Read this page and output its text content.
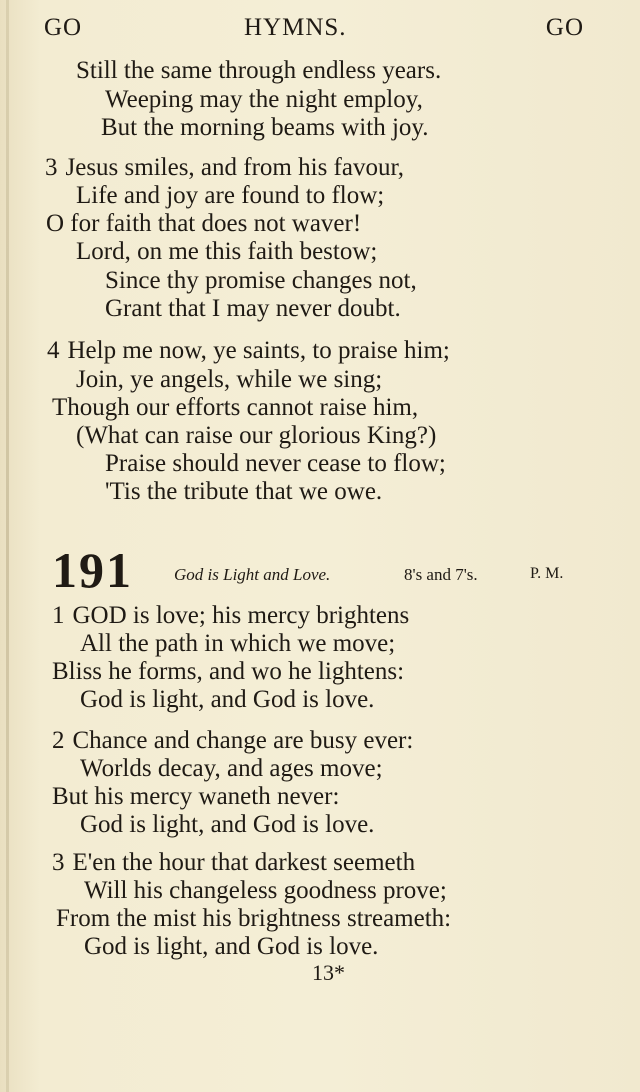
GO	HYMNS.	GO
Still the same through endless years.
Weeping may the night employ,
But the morning beams with joy.
3 Jesus smiles, and from his favour,
Life and joy are found to flow;
O for faith that does not waver!
Lord, on me this faith bestow;
Since thy promise changes not,
Grant that I may never doubt.
4 Help me now, ye saints, to praise him;
Join, ye angels, while we sing;
Though our efforts cannot raise him,
(What can raise our glorious King?)
Praise should never cease to flow;
'Tis the tribute that we owe.
191 God is Light and Love.	8's and 7's.	P. M.
1 GOD is love; his mercy brightens
All the path in which we move;
Bliss he forms, and wo he lightens:
God is light, and God is love.
2 Chance and change are busy ever:
Worlds decay, and ages move;
But his mercy waneth never:
God is light, and God is love.
3 E'en the hour that darkest seemeth
Will his changeless goodness prove;
From the mist his brightness streameth:
God is light, and God is love.
13*
